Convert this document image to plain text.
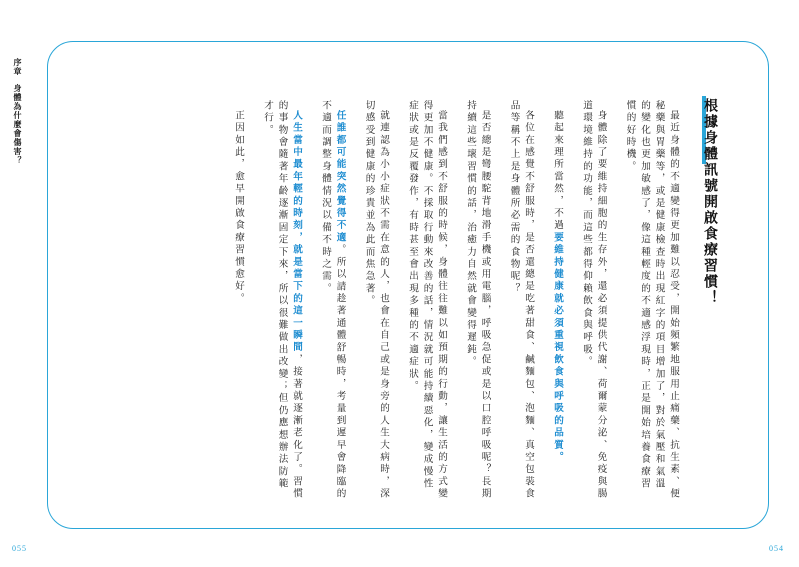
序章 身體為什麼會傷害？	根據身體訊號開啟食療習慣！

最近身體的不適變得更加難以忍受，開始頻繁地服用止痛藥、抗生素、便秘藥與胃藥等，或是健康檢查時出現紅字的項目增加了，對於氣壓和氣溫的變化也更加敏感了，像這種輕度的不適感浮現時，正是開始培養食療習慣的好時機。

身體除了要維持細胞的生存外，還必須提供代謝、荷爾蒙分泌、免疫與腸道環境維持的功能，而這些都得仰賴飲食與呼吸。

聽起來理所當然，不過要維持健康就必須重視飲食與呼吸的品質。

各位在感覺不舒服時，是否還總是吃著甜食、鹹麵包、泡麵、真空包裝食品等稱不上是身體所必需的食物呢？

是否總是彎腰駝背地滑手機或用電腦，呼吸急促或是以口腔呼吸呢？長期持續這些壞習慣的話，治癒力自然就會變得遲鈍。

當我們感到不舒服的時候，身體往往難以如預期的行動，讓生活的方式變得更加不健康。不採取行動來改善的話，情況就可能持續惡化，變成慢性症狀或是反覆發作，有時甚至會出現多種的不適症狀。

就連認為小小症狀不需在意的人，也會在自己或是身旁的人生大病時，深切感受到健康的珍貴並為此而焦急著。

任誰都可能突然覺得不適。所以請趁著通體舒暢時，考量到遲早會降臨的不適而調整身體情況以備不時之需。

人生當中最年輕的時刻，就是當下的這一瞬間，接著就逐漸老化了。習慣的事物會隨著年齡逐漸固定下來，所以很難做出改變；但仍應想辦法防範才行。

正因如此，愈早開啟食療習慣愈好。

055	054
